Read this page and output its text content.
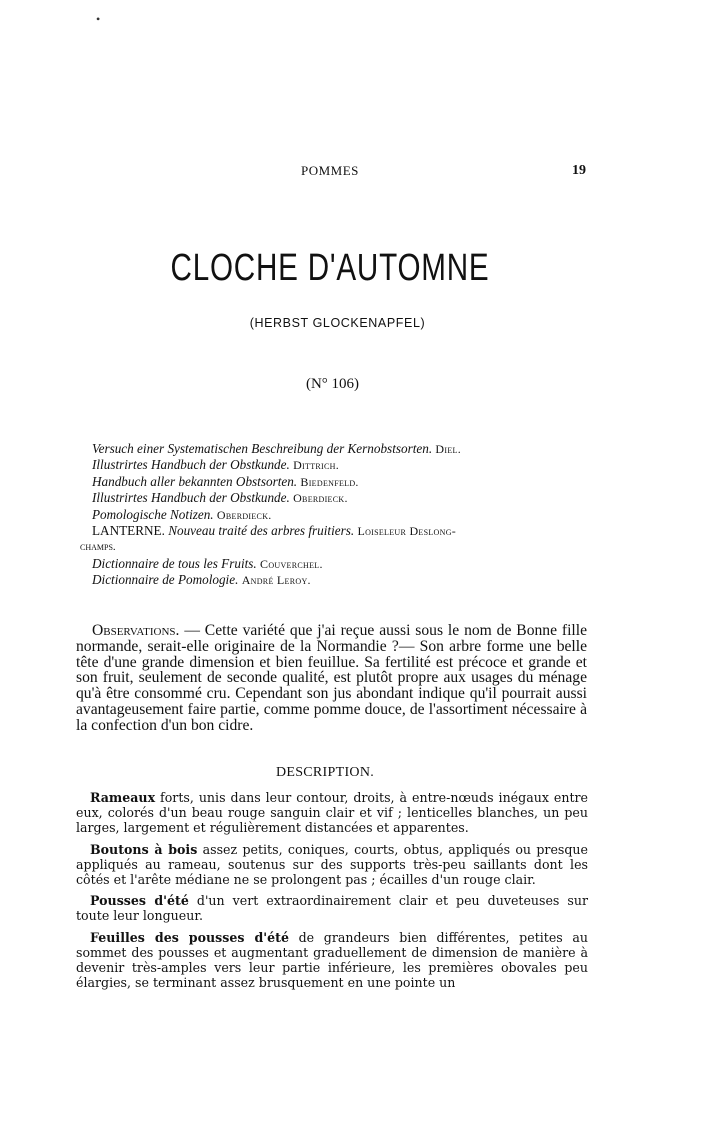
•
POMMES	19
CLOCHE D'AUTOMNE
(HERBST GLOCKENAPFEL)
(N° 106)
Versuch einer Systematischen Beschreibung der Kernobstsorten. Diel.
Illustrirtes Handbuch der Obstkunde. Dittrich.
Handbuch aller bekannten Obstsorten. Biedenfeld.
Illustrirtes Handbuch der Obstkunde. Oberdieck.
Pomologische Notizen. Oberdieck.
LANTERNE. Nouveau traité des arbres fruitiers. Loiseleur Deslong-
champs.
Dictionnaire de tous les Fruits. Couverchel.
Dictionnaire de Pomologie. André Leroy.
Observations. — Cette variété que j'ai reçue aussi sous le nom de Bonne fille normande, serait-elle originaire de la Normandie ?— Son arbre forme une belle tête d'une grande dimension et bien feuillue. Sa fertilité est précoce et grande et son fruit, seulement de seconde qualité, est plutôt propre aux usages du ménage qu'à être consommé cru. Cependant son jus abondant indique qu'il pourrait aussi avantageusement faire partie, comme pomme douce, de l'assortiment nécessaire à la confection d'un bon cidre.
DESCRIPTION.

Rameaux forts, unis dans leur contour, droits, à entre-nœuds inégaux entre eux, colorés d'un beau rouge sanguin clair et vif ; lenticelles blanches, un peu larges, largement et régulièrement distancées et apparentes.

Boutons à bois assez petits, coniques, courts, obtus, appliqués ou presque appliqués au rameau, soutenus sur des supports très-peu saillants dont les côtés et l'arête médiane ne se prolongent pas ; écailles d'un rouge clair.

Pousses d'été d'un vert extraordinairement clair et peu duveteuses sur toute leur longueur.

Feuilles des pousses d'été de grandeurs bien différentes, petites au sommet des pousses et augmentant graduellement de dimension de manière à devenir très-amples vers leur partie inférieure, les premières obovales peu élargies, se terminant assez brusquement en une pointe un
